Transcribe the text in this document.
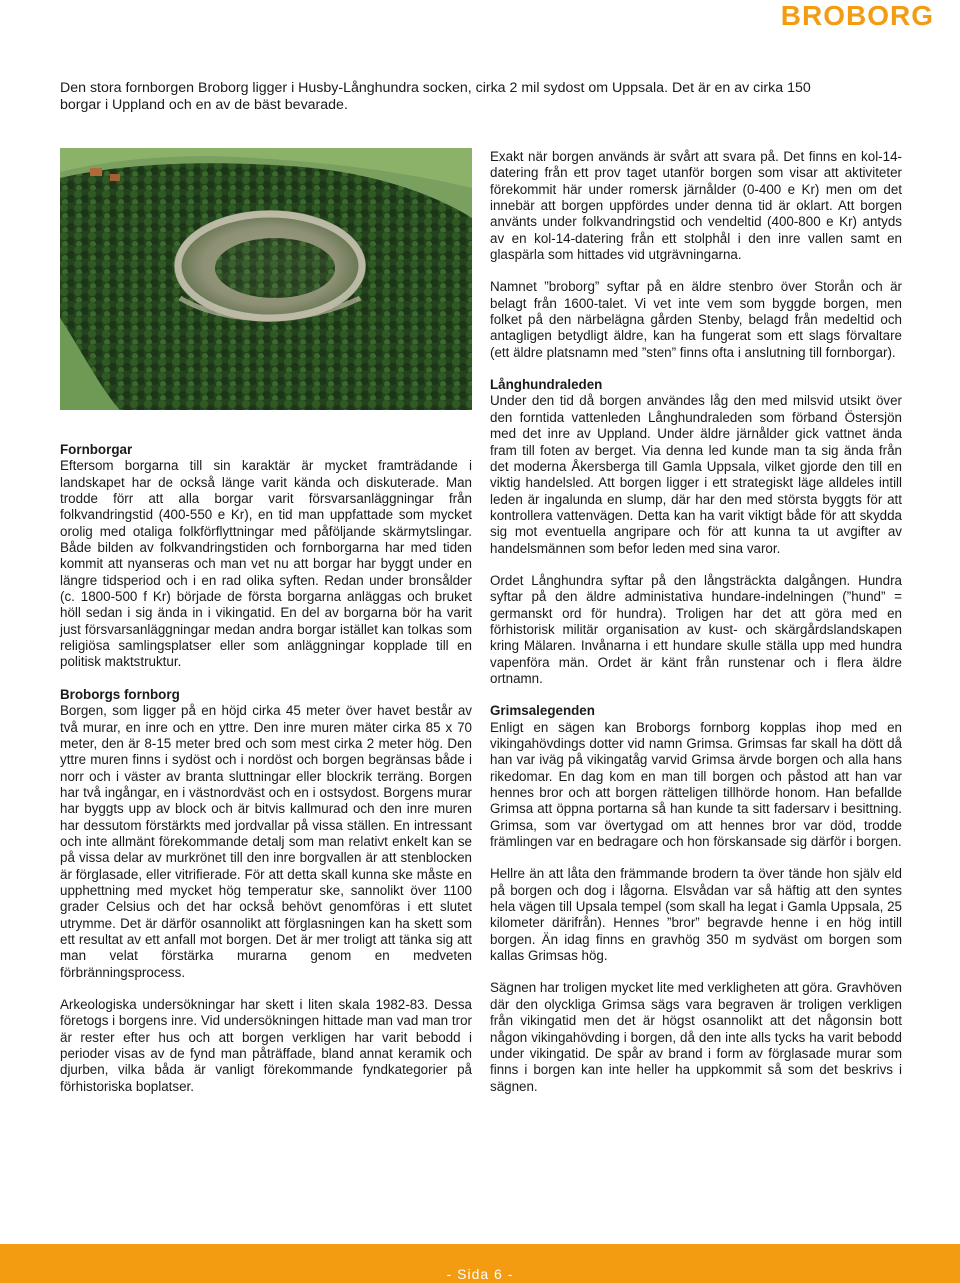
BROBORG

Den stora fornborgen Broborg ligger i Husby-Långhundra socken, cirka 2 mil sydost om Uppsala. Det är en av cirka 150 borgar i Uppland och en av de bäst bevarade.

Fornborgar

Eftersom borgarna till sin karaktär är mycket framträdande i landskapet har de också länge varit kända och diskuterade. Man trodde förr att alla borgar varit försvarsanläggningar från folkvandringstid (400-550 e Kr), en tid man uppfattade som mycket orolig med otaliga folkförflyttningar med påföljande skärmytslingar. Både bilden av folkvandringstiden och fornborgarna har med tiden kommit att nyanseras och man vet nu att borgar har byggt under en längre tidsperiod och i en rad olika syften. Redan under bronsålder (c. 1800-500 f Kr) började de första borgarna anläggas och bruket höll sedan i sig ända in i vikingatid. En del av borgarna bör ha varit just försvarsanläggningar medan andra borgar istället kan tolkas som religiösa samlingsplatser eller som anläggningar kopplade till en politisk maktstruktur.

Broborgs fornborg

Borgen, som ligger på en höjd cirka 45 meter över havet består av två murar, en inre och en yttre. Den inre muren mäter cirka 85 x 70 meter, den är 8-15 meter bred och som mest cirka 2 meter hög. Den yttre muren finns i sydöst och i nordöst och borgen begränsas både i norr och i väster av branta sluttningar eller blockrik terräng. Borgen har två ingångar, en i västnordväst och en i ostsydost. Borgens murar har byggts upp av block och är bitvis kallmurad och den inre muren har dessutom förstärkts med jordvallar på vissa ställen. En intressant och inte allmänt förekommande detalj som man relativt enkelt kan se på vissa delar av murkrönet till den inre borgvallen är att stenblocken är förglasade, eller vitrifierade. För att detta skall kunna ske måste en upphettning med mycket hög temperatur ske, sannolikt över 1100 grader Celsius och det har också behövt genomföras i ett slutet utrymme. Det är därför osannolikt att förglasningen kan ha skett som ett resultat av ett anfall mot borgen. Det är mer troligt att tänka sig att man velat förstärka murarna genom en medveten förbränningsprocess.

Arkeologiska undersökningar har skett i liten skala 1982-83. Dessa företogs i borgens inre. Vid undersökningen hittade man vad man tror är rester efter hus och att borgen verkligen har varit bebodd i perioder visas av de fynd man påträffade, bland annat keramik och djurben, vilka båda är vanligt förekommande fyndkategorier på förhistoriska boplatser.

Exakt när borgen används är svårt att svara på. Det finns en kol-14-datering från ett prov taget utanför borgen som visar att aktiviteter förekommit här under romersk järnålder (0-400 e Kr) men om det innebär att borgen uppfördes under denna tid är oklart. Att borgen använts under folkvandringstid och vendeltid (400-800 e Kr) antyds av en kol-14-datering från ett stolphål i den inre vallen samt en glaspärla som hittades vid utgrävningarna.

Namnet ”broborg” syftar på en äldre stenbro över Storån och är belagt från 1600-talet. Vi vet inte vem som byggde borgen, men folket på den närbelägna gården Stenby, belagd från medeltid och antagligen betydligt äldre, kan ha fungerat som ett slags förvaltare (ett äldre platsnamn med ”sten” finns ofta i anslutning till fornborgar).

Långhundraleden

Under den tid då borgen användes låg den med milsvid utsikt över den forntida vattenleden Långhundraleden som förband Östersjön med det inre av Uppland. Under äldre järnålder gick vattnet ända fram till foten av berget. Via denna led kunde man ta sig ända från det moderna Åkersberga till Gamla Uppsala, vilket gjorde den till en viktig handelsled. Att borgen ligger i ett strategiskt läge alldeles intill leden är ingalunda en slump, där har den med största byggts för att kontrollera vattenvägen. Detta kan ha varit viktigt både för att skydda sig mot eventuella angripare och för att kunna ta ut avgifter av handelsmännen som befor leden med sina varor.

Ordet Långhundra syftar på den långsträckta dalgången. Hundra syftar på den äldre administativa hundare-indelningen (”hund” = germanskt ord för hundra). Troligen har det att göra med en förhistorisk militär organisation av kust- och skärgårdslandskapen kring Mälaren. Invånarna i ett hundare skulle ställa upp med hundra vapenföra män. Ordet är känt från runstenar och i flera äldre ortnamn.

Grimsalegenden

Enligt en sägen kan Broborgs fornborg kopplas ihop med en vikingahövdings dotter vid namn Grimsa. Grimsas far skall ha dött då han var iväg på vikingatåg varvid Grimsa ärvde borgen och alla hans rikedomar. En dag kom en man till borgen och påstod att han var hennes bror och att borgen rätteligen tillhörde honom. Han befallde Grimsa att öppna portarna så han kunde ta sitt fadersarv i besittning. Grimsa, som var övertygad om att hennes bror var död, trodde främlingen var en bedragare och hon förskansade sig därför i borgen.

Hellre än att låta den främmande brodern ta över tände hon själv eld på borgen och dog i lågorna. Elsvådan var så häftig att den syntes hela vägen till Upsala tempel (som skall ha legat i Gamla Uppsala, 25 kilometer därifrån). Hennes ”bror” begravde henne i en hög intill borgen. Än idag finns en gravhög 350 m sydväst om borgen som kallas Grimsas hög.

Sägnen har troligen mycket lite med verkligheten att göra. Gravhöven där den olyckliga Grimsa sägs vara begraven är troligen verkligen från vikingatid men det är högst osannolikt att det någonsin bott någon vikingahövding i borgen, då den inte alls tycks ha varit bebodd under vikingatid. De spår av brand i form av förglasade murar som finns i borgen kan inte heller ha uppkommit så som det beskrivs i sägnen.

- Sida 6 -
